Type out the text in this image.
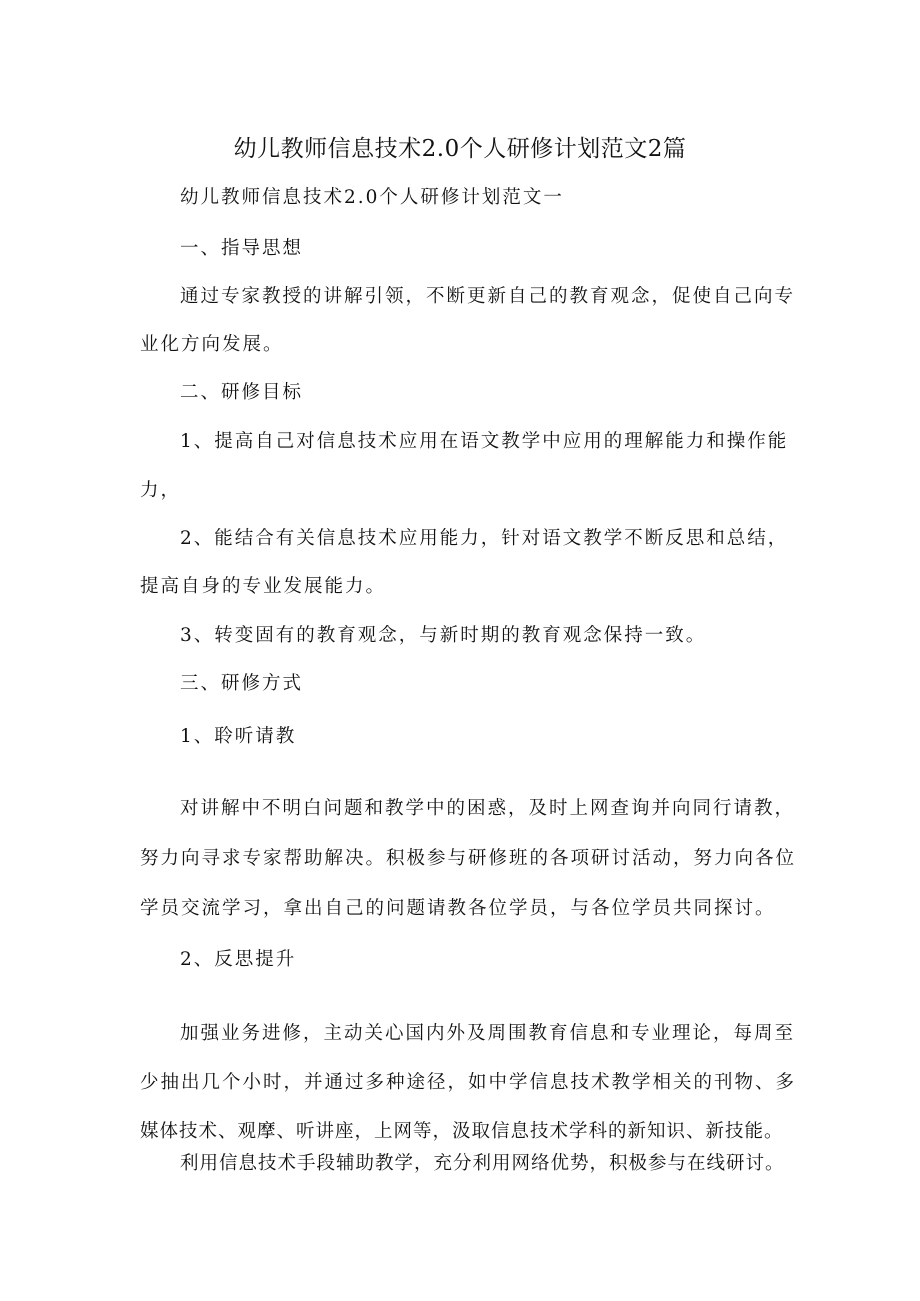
幼儿教师信息技术2.0个人研修计划范文2篇
幼儿教师信息技术2.0个人研修计划范文一
一、指导思想
通过专家教授的讲解引领，不断更新自己的教育观念，促使自己向专
业化方向发展。
二、研修目标
1、提高自己对信息技术应用在语文教学中应用的理解能力和操作能
力，
2、能结合有关信息技术应用能力，针对语文教学不断反思和总结，
提高自身的专业发展能力。
3、转变固有的教育观念，与新时期的教育观念保持一致。
三、研修方式
1、聆听请教
对讲解中不明白问题和教学中的困惑，及时上网查询并向同行请教，
努力向寻求专家帮助解决。积极参与研修班的各项研讨活动，努力向各位
学员交流学习，拿出自己的问题请教各位学员，与各位学员共同探讨。
2、反思提升
加强业务进修，主动关心国内外及周围教育信息和专业理论，每周至
少抽出几个小时，并通过多种途径，如中学信息技术教学相关的刊物、多
媒体技术、观摩、听讲座，上网等，汲取信息技术学科的新知识、新技能。
利用信息技术手段辅助教学，充分利用网络优势，积极参与在线研讨。
